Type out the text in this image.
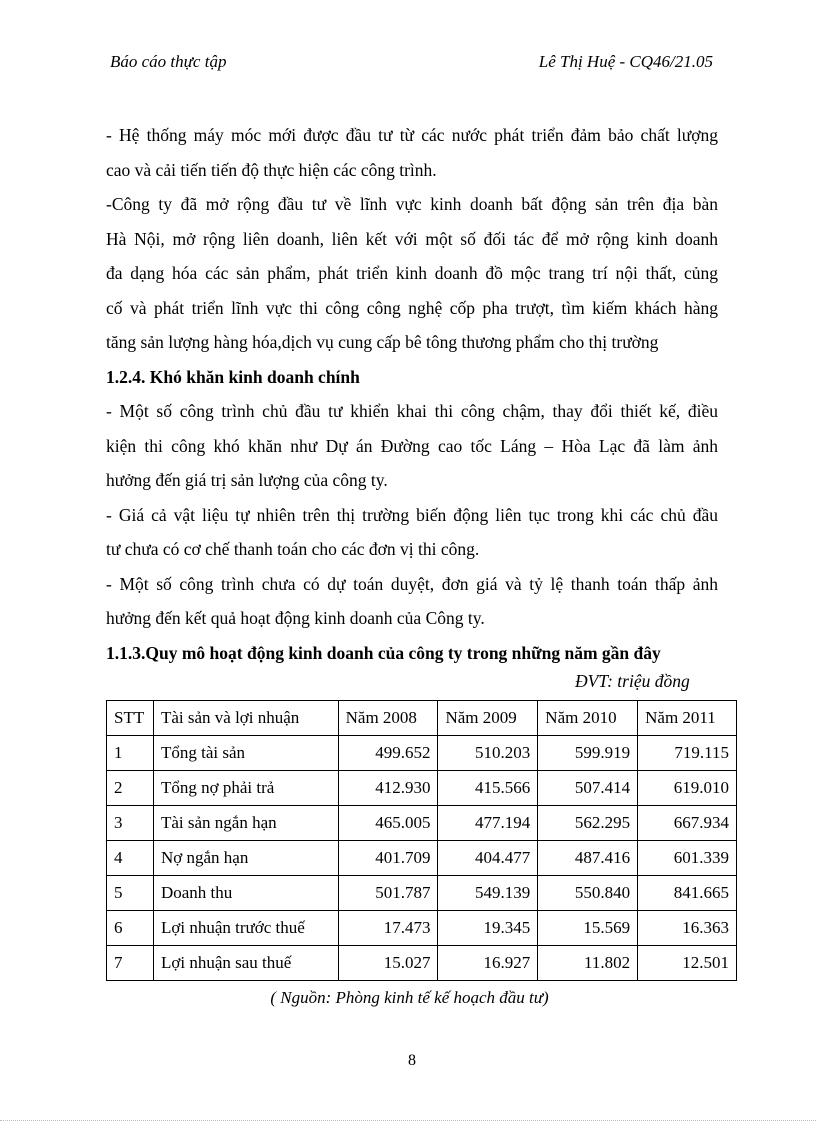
Báo cáo thực tập	Lê Thị Huệ - CQ46/21.05
- Hệ thống máy móc mới được đầu tư từ các nước phát triển đảm bảo chất lượng
cao và cải tiến tiến độ thực hiện các công trình.
-Công ty đã mở rộng đầu tư về lĩnh vực kinh doanh bất động sản trên địa bàn
Hà Nội, mở rộng liên doanh, liên kết với một số đối tác để mở rộng kinh doanh
đa dạng hóa các sản phẩm, phát triển kinh doanh đồ mộc trang trí nội thất, củng
cố và phát triển lĩnh vực thi công công nghệ cốp pha trượt, tìm kiếm khách hàng
tăng sản lượng hàng hóa,dịch vụ cung cấp bê tông thương phẩm cho thị trường
1.2.4. Khó khăn kinh doanh chính
- Một số công trình chủ đầu tư khiển khai thi công chậm, thay đổi thiết kế, điều
kiện thi công khó khăn như Dự án Đường cao tốc Láng – Hòa Lạc đã làm ảnh
hưởng đến giá trị sản lượng của công ty.
- Giá cả vật liệu tự nhiên trên thị trường biến động liên tục trong khi các chủ đầu
tư chưa có cơ chế thanh toán cho các đơn vị thi công.
- Một số công trình chưa có dự toán duyệt, đơn giá và tỷ lệ thanh toán thấp ảnh
hưởng đến kết quả hoạt động kinh doanh của Công ty.
1.1.3.Quy mô hoạt động kinh doanh của công ty trong những năm gần đây
ĐVT: triệu đồng
STT	Tài sản và lợi nhuận	Năm 2008	Năm 2009	Năm 2010	Năm 2011
1	Tổng tài sản	499.652	510.203	599.919	719.115
2	Tổng nợ phải trả	412.930	415.566	507.414	619.010
3	Tài sản ngắn hạn	465.005	477.194	562.295	667.934
4	Nợ ngắn hạn	401.709	404.477	487.416	601.339
5	Doanh thu	501.787	549.139	550.840	841.665
6	Lợi nhuận trước thuế	17.473	19.345	15.569	16.363
7	Lợi nhuận sau thuế	15.027	16.927	11.802	12.501
( Nguồn: Phòng kinh tế kế hoạch đầu tư)
8
